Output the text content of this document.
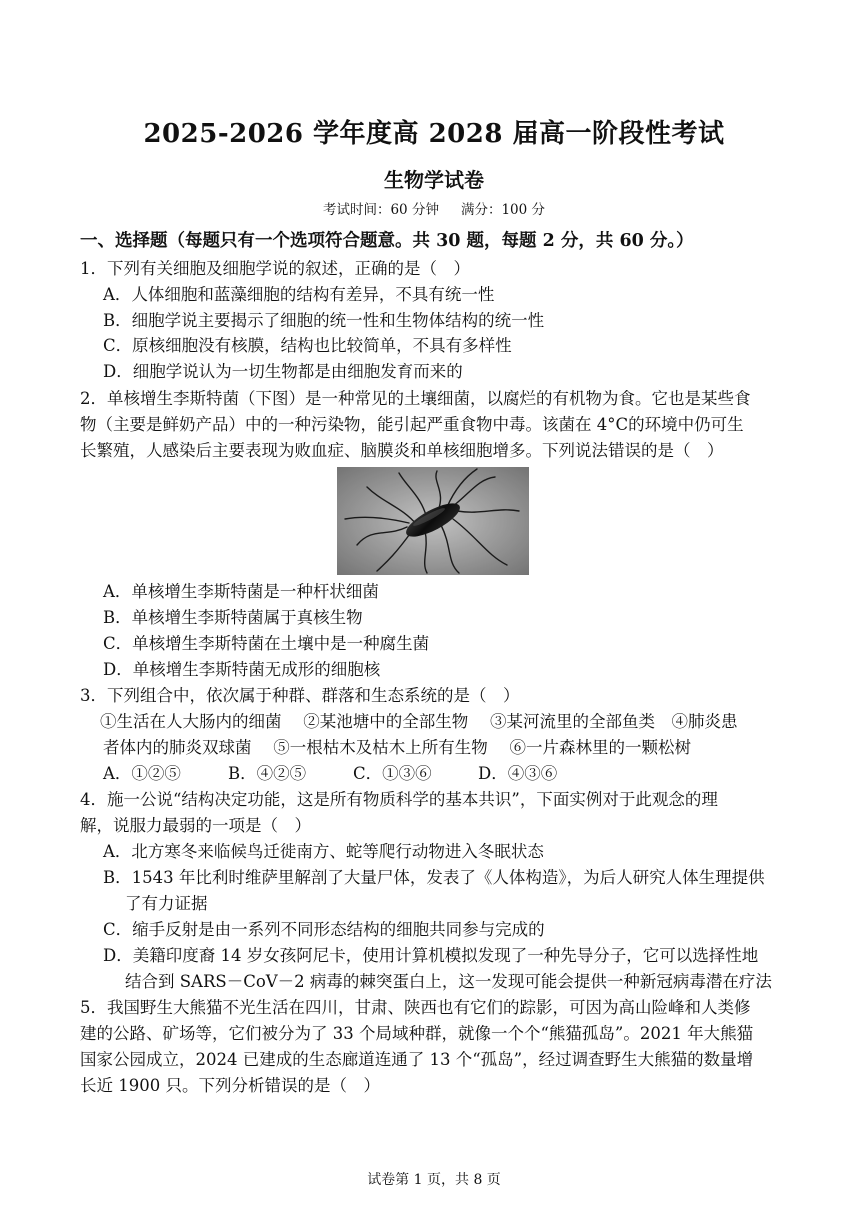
2025-2026 学年度高 2028 届高一阶段性考试
生物学试卷
考试时间：60 分钟 满分：100 分
一、选择题（每题只有一个选项符合题意。共 30 题，每题 2 分，共 60 分。）
1．下列有关细胞及细胞学说的叙述，正确的是（　）
A．人体细胞和蓝藻细胞的结构有差异，不具有统一性
B．细胞学说主要揭示了细胞的统一性和生物体结构的统一性
C．原核细胞没有核膜，结构也比较简单，不具有多样性
D．细胞学说认为一切生物都是由细胞发育而来的
2．单核增生李斯特菌（下图）是一种常见的土壤细菌，以腐烂的有机物为食。它也是某些食
物（主要是鲜奶产品）中的一种污染物，能引起严重食物中毒。该菌在 4°C的环境中仍可生
长繁殖，人感染后主要表现为败血症、脑膜炎和单核细胞增多。下列说法错误的是（　）
A．单核增生李斯特菌是一种杆状细菌
B．单核增生李斯特菌属于真核生物
C．单核增生李斯特菌在土壤中是一种腐生菌
D．单核增生李斯特菌无成形的细胞核
3．下列组合中，依次属于种群、群落和生态系统的是（　）
①生活在人大肠内的细菌　 ②某池塘中的全部生物　 ③某河流里的全部鱼类　④肺炎患
者体内的肺炎双球菌　 ⑤一根枯木及枯木上所有生物　 ⑥一片森林里的一颗松树
A．①②⑤	B．④②⑤	C．①③⑥	D．④③⑥
4．施一公说“结构决定功能，这是所有物质科学的基本共识”，下面实例对于此观念的理
解，说服力最弱的一项是（　）
A．北方寒冬来临候鸟迁徙南方、蛇等爬行动物进入冬眠状态
B．1543 年比利时维萨里解剖了大量尸体，发表了《人体构造》，为后人研究人体生理提供
了有力证据
C．缩手反射是由一系列不同形态结构的细胞共同参与完成的
D．美籍印度裔 14 岁女孩阿尼卡，使用计算机模拟发现了一种先导分子，它可以选择性地
结合到 SARS－CoV－2 病毒的棘突蛋白上，这一发现可能会提供一种新冠病毒潜在疗法
5．我国野生大熊猫不光生活在四川，甘肃、陕西也有它们的踪影，可因为高山险峰和人类修
建的公路、矿场等，它们被分为了 33 个局域种群，就像一个个“熊猫孤岛”。2021 年大熊猫
国家公园成立，2024 已建成的生态廊道连通了 13 个“孤岛”，经过调查野生大熊猫的数量增
长近 1900 只。下列分析错误的是（　）
试卷第 1 页，共 8 页
